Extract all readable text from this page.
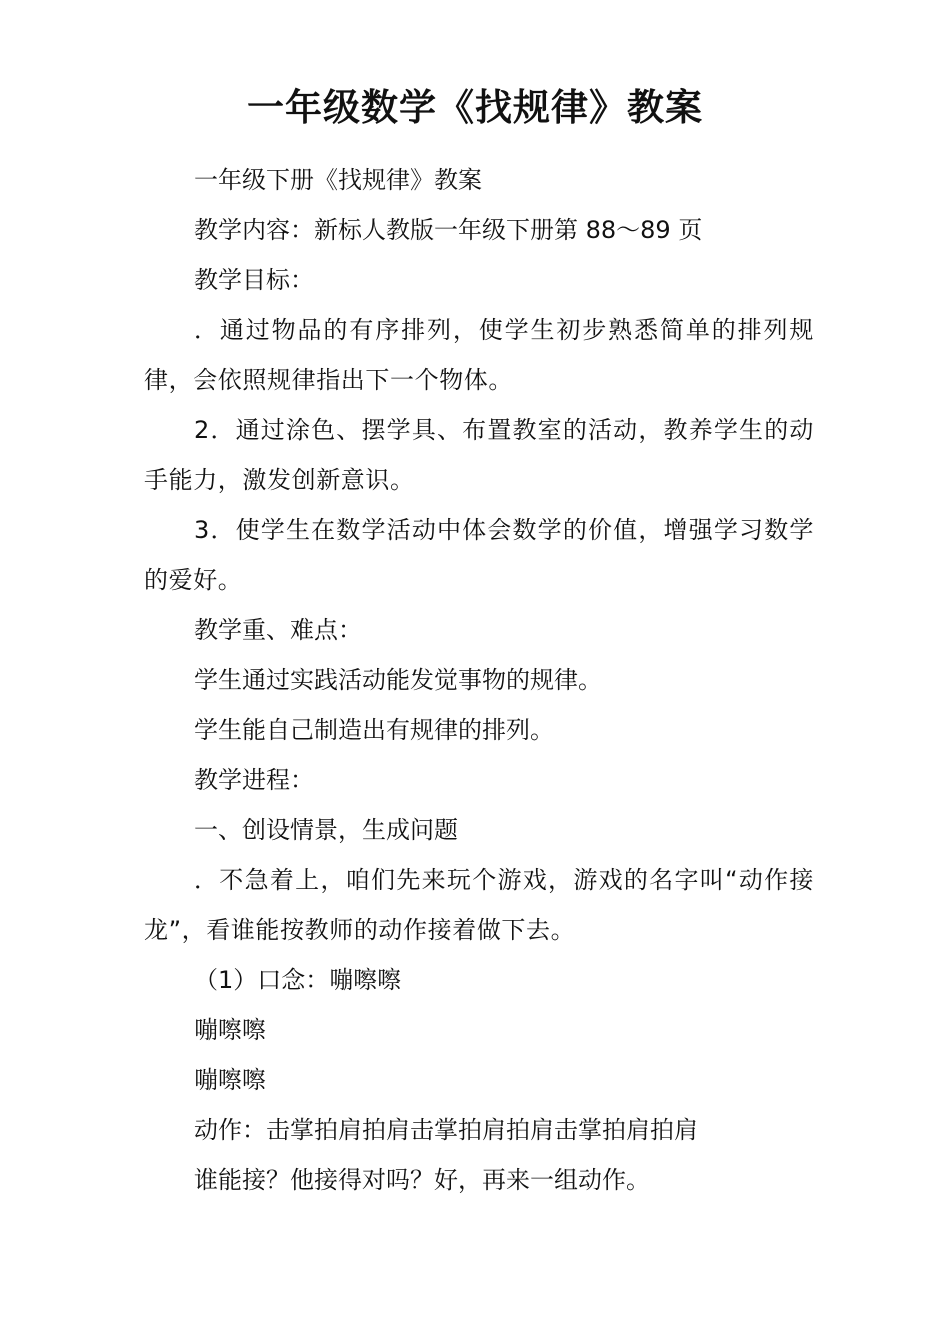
一年级数学《找规律》教案

一年级下册《找规律》教案

教学内容：新标人教版一年级下册第 88～89 页

教学目标：

．通过物品的有序排列，使学生初步熟悉简单的排列规律，会依照规律指出下一个物体。

2．通过涂色、摆学具、布置教室的活动，教养学生的动手能力，激发创新意识。

3．使学生在数学活动中体会数学的价值，增强学习数学的爱好。

教学重、难点：

学生通过实践活动能发觉事物的规律。

学生能自己制造出有规律的排列。

教学进程：

一、创设情景，生成问题

．不急着上，咱们先来玩个游戏，游戏的名字叫“动作接龙”，看谁能按教师的动作接着做下去。

（1）口念：嘣嚓嚓

嘣嚓嚓

嘣嚓嚓

动作：击掌拍肩拍肩击掌拍肩拍肩击掌拍肩拍肩

谁能接？他接得对吗？好，再来一组动作。
